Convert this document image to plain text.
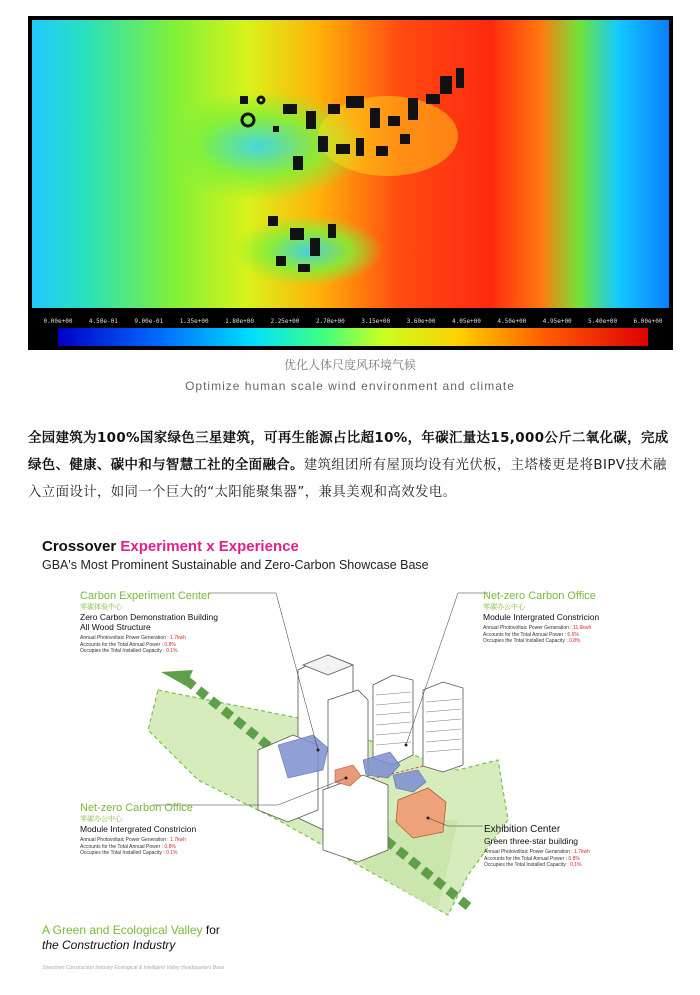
0.00e+00	4.50e-01	9.00e-01	1.35e+00	1.80e+00	2.25e+00	2.70e+00	3.15e+00	3.60e+00	4.05e+00	4.50e+00	4.95e+00	5.40e+00	6.00e+00
优化人体尺度风环境气候
Optimize human scale wind environment and climate
全园建筑为100%国家绿色三星建筑，可再生能源占比超10%，年碳汇量达15,000公斤二氧化碳，完成绿色、健康、碳中和与智慧工社的全面融合。建筑组团所有屋顶均设有光伏板，主塔楼更是将BIPV技术融入立面设计，如同一个巨大的“太阳能聚集器”，兼具美观和高效发电。
Crossover Experiment x Experience
GBA's Most Prominent Sustainable and Zero-Carbon Showcase Base
Carbon Experiment Center
零碳体验中心
Zero Carbon Demonstration Building
All Wood Structure
Annual Photovoltaic Power Generation : 1.7kwh
Accounts for the Total Annual Power : 0.8%
Occupies the Total Installed Capacity : 0.1%
Net-zero Carbon Office
零碳办公中心
Module Intergrated Constricion
Annual Photovoltaic Power Generation : 11.6kwh
Accounts for the Total Annual Power : 6.6%
Occupies the Total Installed Capacity : 0.8%
Net-zero Carbon Office
零碳办公中心
Module Intergrated Constricion
Annual Photovoltaic Power Generation : 1.7kwh
Accounts for the Total Annual Power : 0.8%
Occupies the Total Installed Capacity : 0.1%
Exhibition Center
Green three-star building
Annual Photovoltaic Power Generation : 1.7kwh
Accounts for the Total Annual Power : 0.8%
Occupies the Total Installed Capacity : 0.1%
A Green and Ecological Valley for
the Construction Industry
Shenzhen Construction Industry Ecological & Intelligent Valley Headquarters Base
